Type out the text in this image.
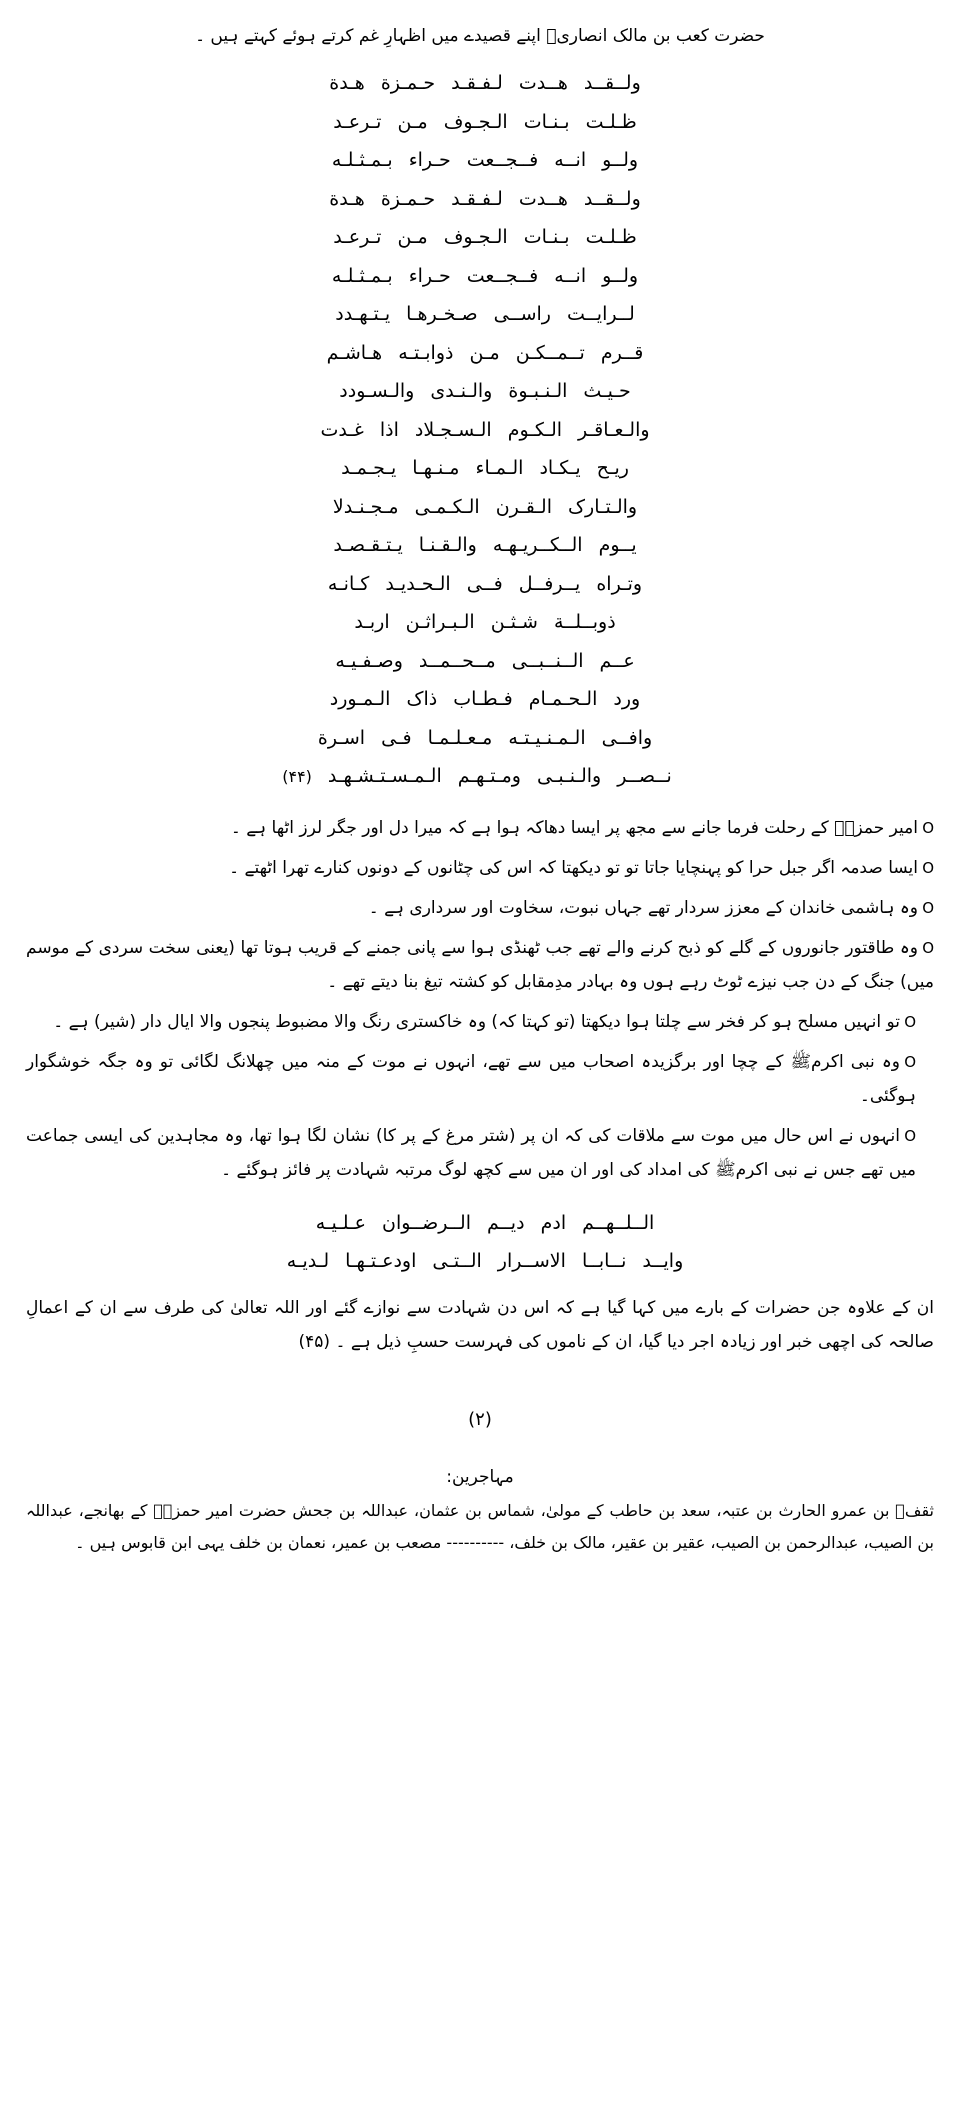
حضرت کعب بن مالک انصاریؓ اپنے قصیدے میں اظہارِ غم کرتے ہوئے کہتے ہیں ۔
ولــقــد هــدت لـفـقـد حـمـزة هـدة
ظـلـت بـنـات الـجـوف مـن تـرعـد
ولــو انــه فــجــعت حـراء بـمـثـلـه
ولــقــد هــدت لـفـقـد حـمـزة هـدة
ظـلـت بـنـات الـجـوف مـن تـرعـد
ولــو انــه فــجــعت حـراء بـمـثـلـه
لــرایــت راســی صـخـرهـا یـتـهـدد
قــرم تــمــکـن مـن ذوابـتـه هـاشـم
حـیـث الـنـبـوة والـنـدی والـسـودد
والـعـاقـر الـکـوم الـسـجـلاد اذا غـدت
ریـح یـکـاد الـمـاء مـنـهـا یـجـمـد
والـتـارک الـقـرن الـکـمـی مـجـنـدلا
یــوم الــکــریـهـه والـقـنـا یـتـقـصـد
وتـراه یــرفــل فــی الـحـدیـد کـانـه
ذوبــلــة شـثـن الـبـراثـن اربـد
عــم الــنــبــی مــحــمــد وصـفـیـه
ورد الـحـمـام فـطـاب ذاک الـمـورد
وافــی الـمـنـیـتـه مـعـلـمـا فـی اسـرة
نــصــر والـنـبـی ومـتـهـم الـمـسـتـشـهـد
(۴۴)
Oامیر حمزہؓ کے رحلت فرما جانے سے مجھ پر ایسا دھاکہ ہوا ہے کہ میرا دل اور جگر لرز اٹھا ہے ۔
Oایسا صدمہ اگر جبل حرا کو پہنچایا جاتا تو تو دیکھتا کہ اس کی چٹانوں کے دونوں کنارے تھرا اٹھتے ۔
Oوہ ہاشمی خاندان کے معزز سردار تھے جہاں نبوت، سخاوت اور سرداری ہے ۔
Oوہ طاقتور جانوروں کے گلے کو ذبح کرنے والے تھے جب ٹھنڈی ہوا سے پانی جمنے کے قریب ہوتا تھا (یعنی سخت سردی کے موسم میں) جنگ کے دن جب نیزے ٹوٹ رہے ہوں وہ بہادر مدِمقابل کو کشتہ تیغ بنا دیتے تھے ۔
Oتو انہیں مسلح ہو کر فخر سے چلتا ہوا دیکھتا (تو کہتا کہ) وہ خاکستری رنگ والا مضبوط پنجوں والا ایال دار (شیر) ہے ۔
Oوہ نبی اکرمﷺ کے چچا اور برگزیدہ اصحاب میں سے تھے، انہوں نے موت کے منہ میں چھلانگ لگائی تو وہ جگہ خوشگوار ہوگئی۔
Oانہوں نے اس حال میں موت سے ملاقات کی کہ ان پر (شتر مرغ کے پر کا) نشان لگا ہوا تھا، وہ مجاہدین کی ایسی جماعت میں تھے جس نے نبی اکرمﷺ کی امداد کی اور ان میں سے کچھ لوگ مرتبہ شہادت پر فائز ہوگئے ۔
الــلــهــم ادم دیــم الــرضــوان عـلـیـه
وایــد نــابــا الاســرار الــتـی اودعـتـهـا لـدیـه
ان کے علاوہ جن حضرات کے بارے میں کہا گیا ہے کہ اس دن شہادت سے نوازے گئے اور اللہ تعالیٰ کی طرف سے ان کے اعمالِ صالحہ کی اچھی خبر اور زیادہ اجر دیا گیا، ان کے ناموں کی فہرست حسبِ ذیل ہے ۔ (۴۵)
(۲)
مہاجرین:
ثقفؒ بن عمرو الحارث بن عتبہ، سعد بن حاطب کے مولیٰ، شماس بن عثمان، عبداللہ بن جحش حضرت امیر حمزہؓ کے بھانجے، عبداللہ بن الصیب، عبدالرحمن بن الصیب، عقیر بن عقیر، مالک بن خلف، ---------- مصعب بن عمیر، نعمان بن خلف یہی ابن قابوس ہیں ۔
